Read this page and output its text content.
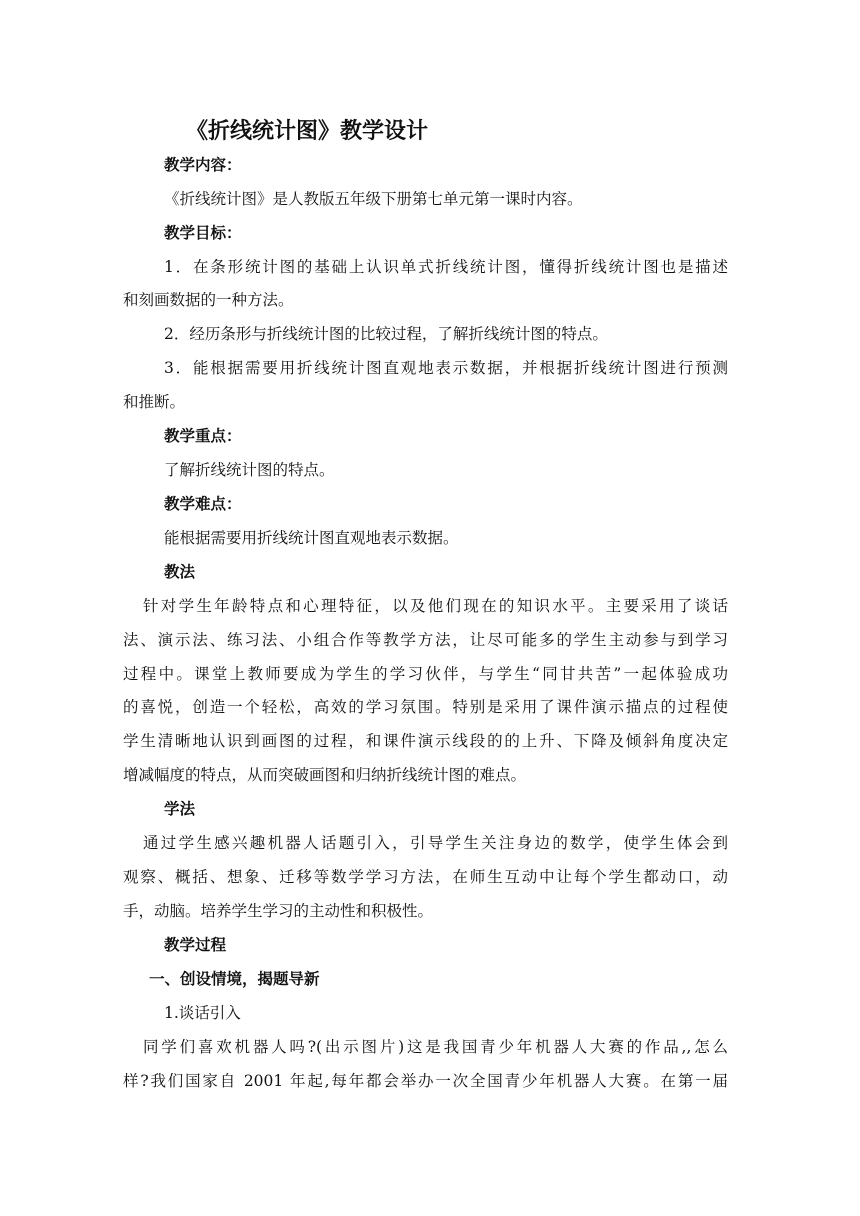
《折线统计图》教学设计
教学内容：
《折线统计图》是人教版五年级下册第七单元第一课时内容。
教学目标：
1．在条形统计图的基础上认识单式折线统计图，懂得折线统计图也是描述
和刻画数据的一种方法。
2．经历条形与折线统计图的比较过程，了解折线统计图的特点。
3．能根据需要用折线统计图直观地表示数据，并根据折线统计图进行预测
和推断。
教学重点：
了解折线统计图的特点。
教学难点：
能根据需要用折线统计图直观地表示数据。
教法
针对学生年龄特点和心理特征，以及他们现在的知识水平。主要采用了谈话
法、演示法、练习法、小组合作等教学方法，让尽可能多的学生主动参与到学习
过程中。课堂上教师要成为学生的学习伙伴，与学生“同甘共苦”一起体验成功
的喜悦，创造一个轻松，高效的学习氛围。特别是采用了课件演示描点的过程使
学生清晰地认识到画图的过程，和课件演示线段的的上升、下降及倾斜角度决定
增减幅度的特点，从而突破画图和归纳折线统计图的难点。
学法
通过学生感兴趣机器人话题引入，引导学生关注身边的数学，使学生体会到
观察、概括、想象、迁移等数学学习方法，在师生互动中让每个学生都动口，动
手，动脑。培养学生学习的主动性和积极性。
教学过程
一、创设情境，揭题导新
1.谈话引入
同学们喜欢机器人吗?(出示图片)这是我国青少年机器人大赛的作品,,怎么
样?我们国家自 2001 年起,每年都会举办一次全国青少年机器人大赛。在第一届
